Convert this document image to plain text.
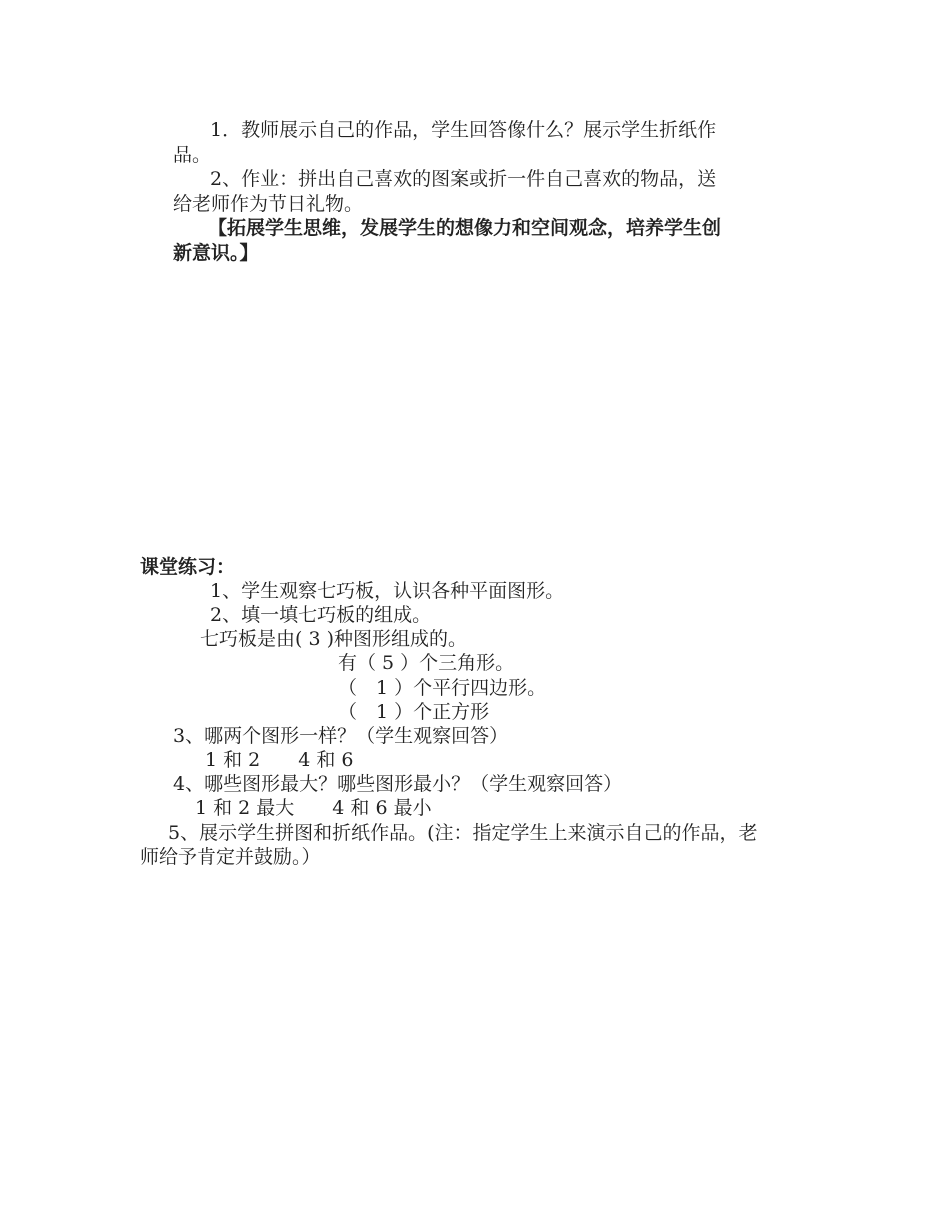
1．教师展示自己的作品，学生回答像什么？展示学生折纸作
品。
2、作业：拼出自己喜欢的图案或折一件自己喜欢的物品，送
给老师作为节日礼物。
【拓展学生思维，发展学生的想像力和空间观念，培养学生创
新意识。】
课堂练习：
1、学生观察七巧板，认识各种平面图形。
2、填一填七巧板的组成。
七巧板是由( 3 )种图形组成的。
有（ 5 ）个三角形。
（　1 ）个平行四边形。
（　1 ）个正方形
3、哪两个图形一样？（学生观察回答）
1 和 2　　4 和 6
4、哪些图形最大？哪些图形最小？（学生观察回答）
1 和 2 最大　　4 和 6 最小
5、展示学生拼图和折纸作品。(注：指定学生上来演示自己的作品，老
师给予肯定并鼓励。）
